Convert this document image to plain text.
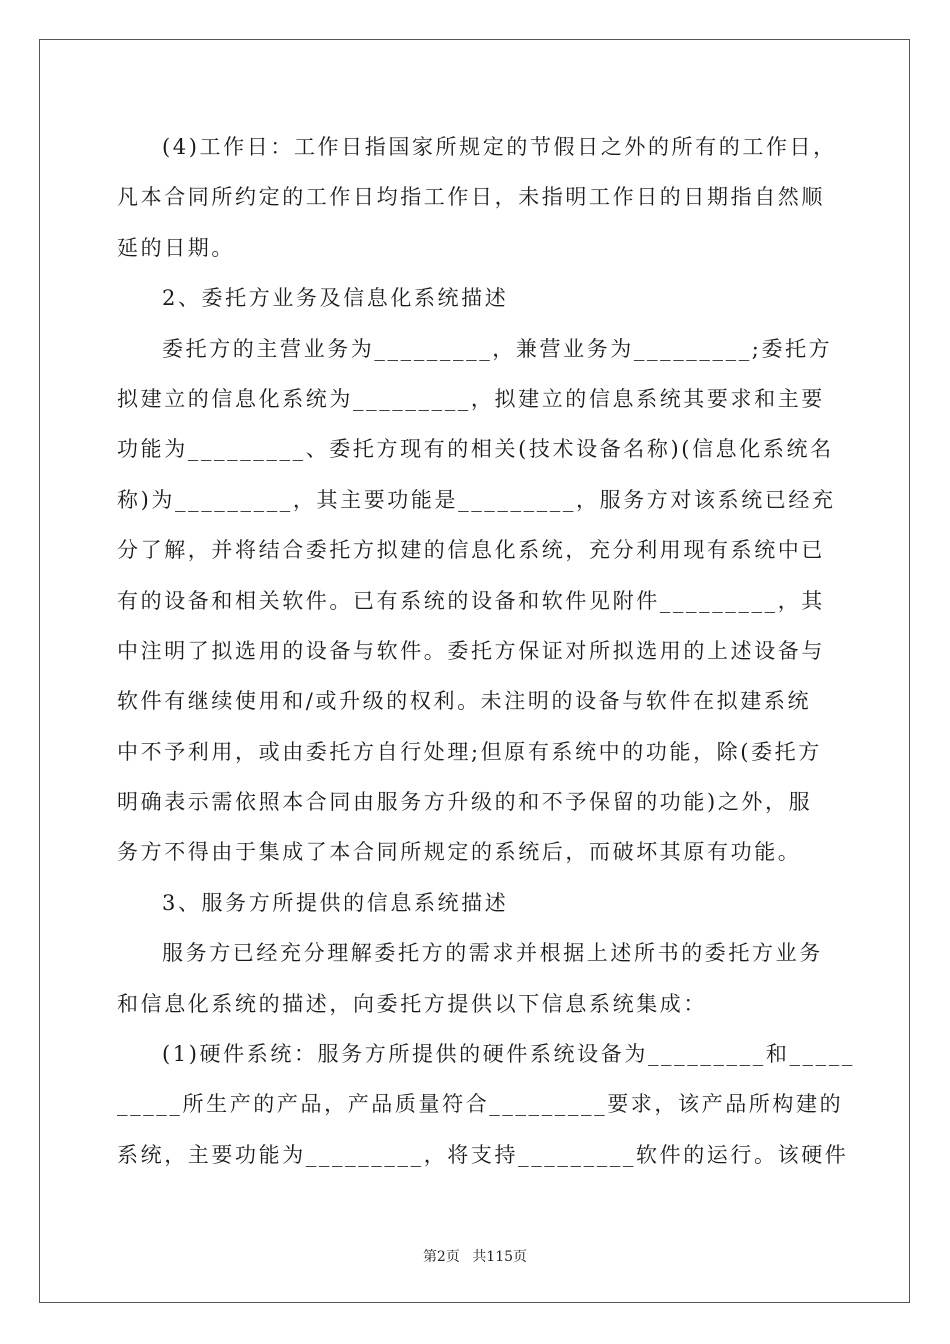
(4)工作日：工作日指国家所规定的节假日之外的所有的工作日，
凡本合同所约定的工作日均指工作日，未指明工作日的日期指自然顺
延的日期。
2、委托方业务及信息化系统描述
委托方的主营业务为_________，兼营业务为_________;委托方
拟建立的信息化系统为_________，拟建立的信息系统其要求和主要
功能为_________、委托方现有的相关(技术设备名称)(信息化系统名
称)为_________，其主要功能是_________，服务方对该系统已经充
分了解，并将结合委托方拟建的信息化系统，充分利用现有系统中已
有的设备和相关软件。已有系统的设备和软件见附件_________，其
中注明了拟选用的设备与软件。委托方保证对所拟选用的上述设备与
软件有继续使用和/或升级的权利。未注明的设备与软件在拟建系统
中不予利用，或由委托方自行处理;但原有系统中的功能，除(委托方
明确表示需依照本合同由服务方升级的和不予保留的功能)之外，服
务方不得由于集成了本合同所规定的系统后，而破坏其原有功能。
3、服务方所提供的信息系统描述
服务方已经充分理解委托方的需求并根据上述所书的委托方业务
和信息化系统的描述，向委托方提供以下信息系统集成：
(1)硬件系统：服务方所提供的硬件系统设备为_________和_____
_____所生产的产品，产品质量符合_________要求，该产品所构建的
系统，主要功能为_________，将支持_________软件的运行。该硬件
第2页 共115页
